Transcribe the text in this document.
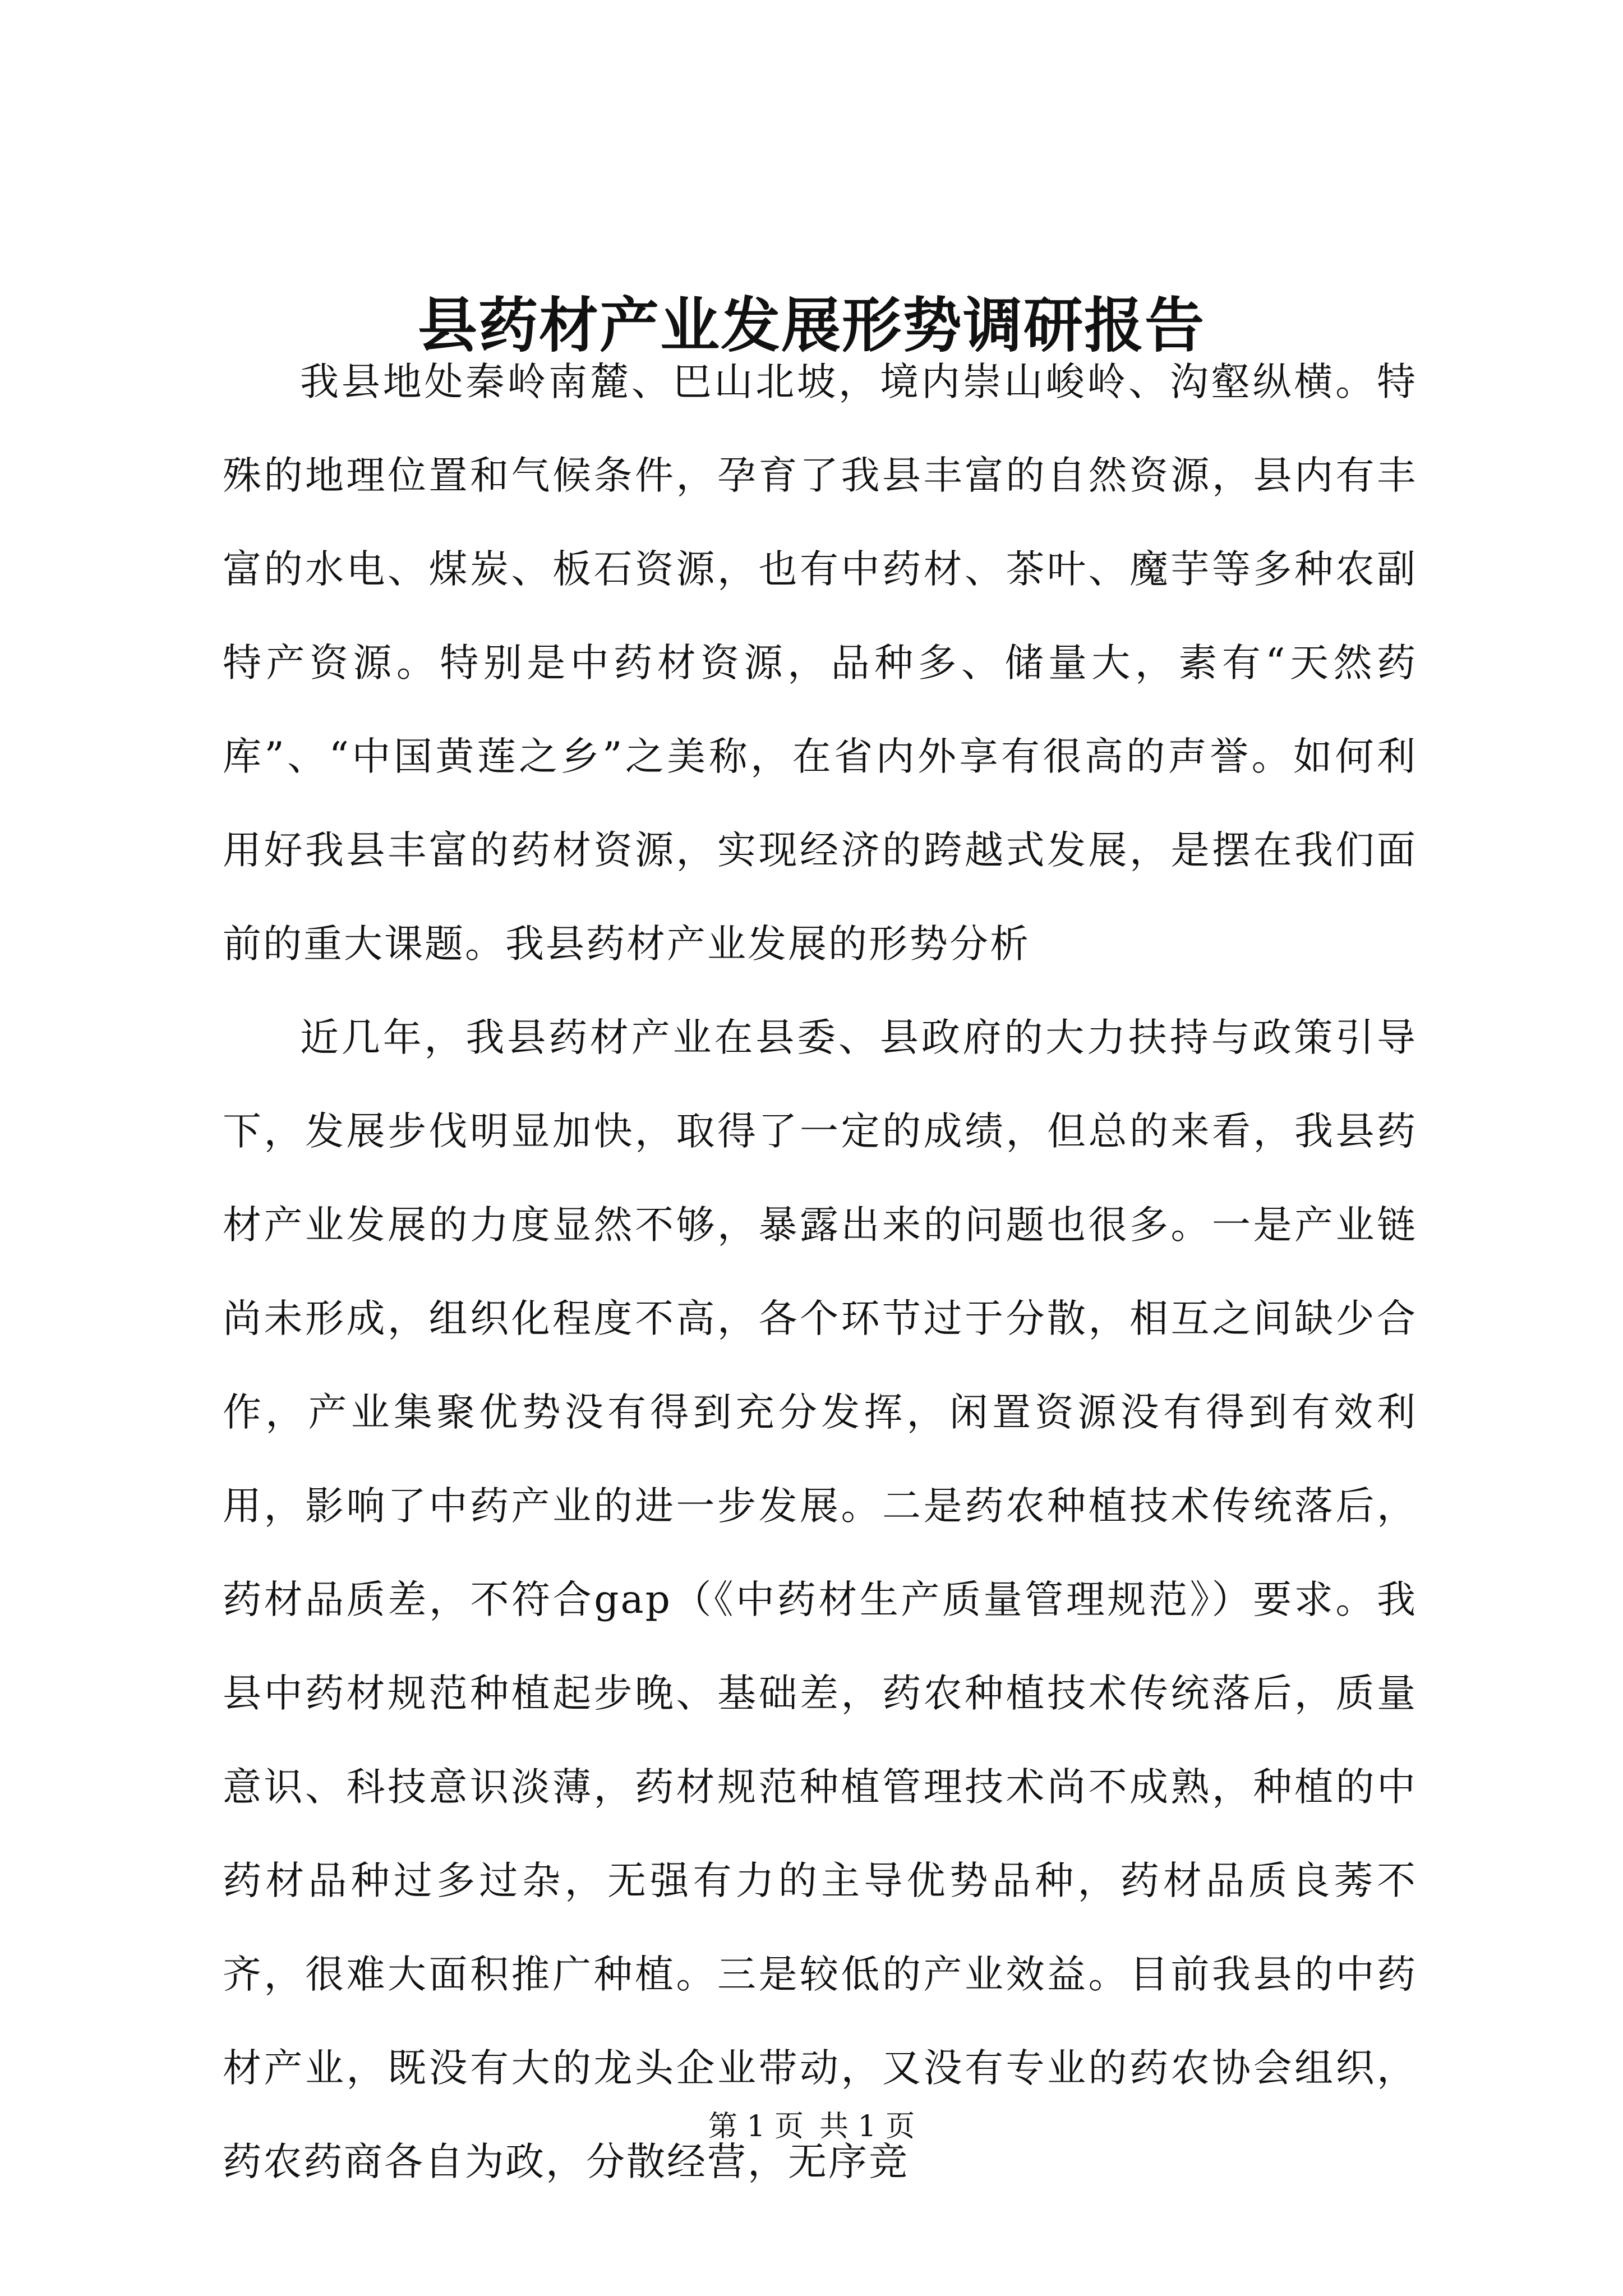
县药材产业发展形势调研报告

我县地处秦岭南麓、巴山北坡，境内崇山峻岭、沟壑纵横。特殊的地理位置和气候条件，孕育了我县丰富的自然资源，县内有丰富的水电、煤炭、板石资源，也有中药材、茶叶、魔芋等多种农副特产资源。特别是中药材资源，品种多、储量大，素有“天然药库”、“中国黄莲之乡”之美称，在省内外享有很高的声誉。如何利用好我县丰富的药材资源，实现经济的跨越式发展，是摆在我们面前的重大课题。我县药材产业发展的形势分析

近几年，我县药材产业在县委、县政府的大力扶持与政策引导下，发展步伐明显加快，取得了一定的成绩，但总的来看，我县药材产业发展的力度显然不够，暴露出来的问题也很多。一是产业链尚未形成，组织化程度不高，各个环节过于分散，相互之间缺少合作，产业集聚优势没有得到充分发挥，闲置资源没有得到有效利用，影响了中药产业的进一步发展。二是药农种植技术传统落后，药材品质差，不符合gap（《中药材生产质量管理规范》）要求。我县中药材规范种植起步晚、基础差，药农种植技术传统落后，质量意识、科技意识淡薄，药材规范种植管理技术尚不成熟，种植的中药材品种过多过杂，无强有力的主导优势品种，药材品质良莠不齐，很难大面积推广种植。三是较低的产业效益。目前我县的中药材产业，既没有大的龙头企业带动，又没有专业的药农协会组织，药农药商各自为政，分散经营，无序竞

第 1 页 共 1 页
